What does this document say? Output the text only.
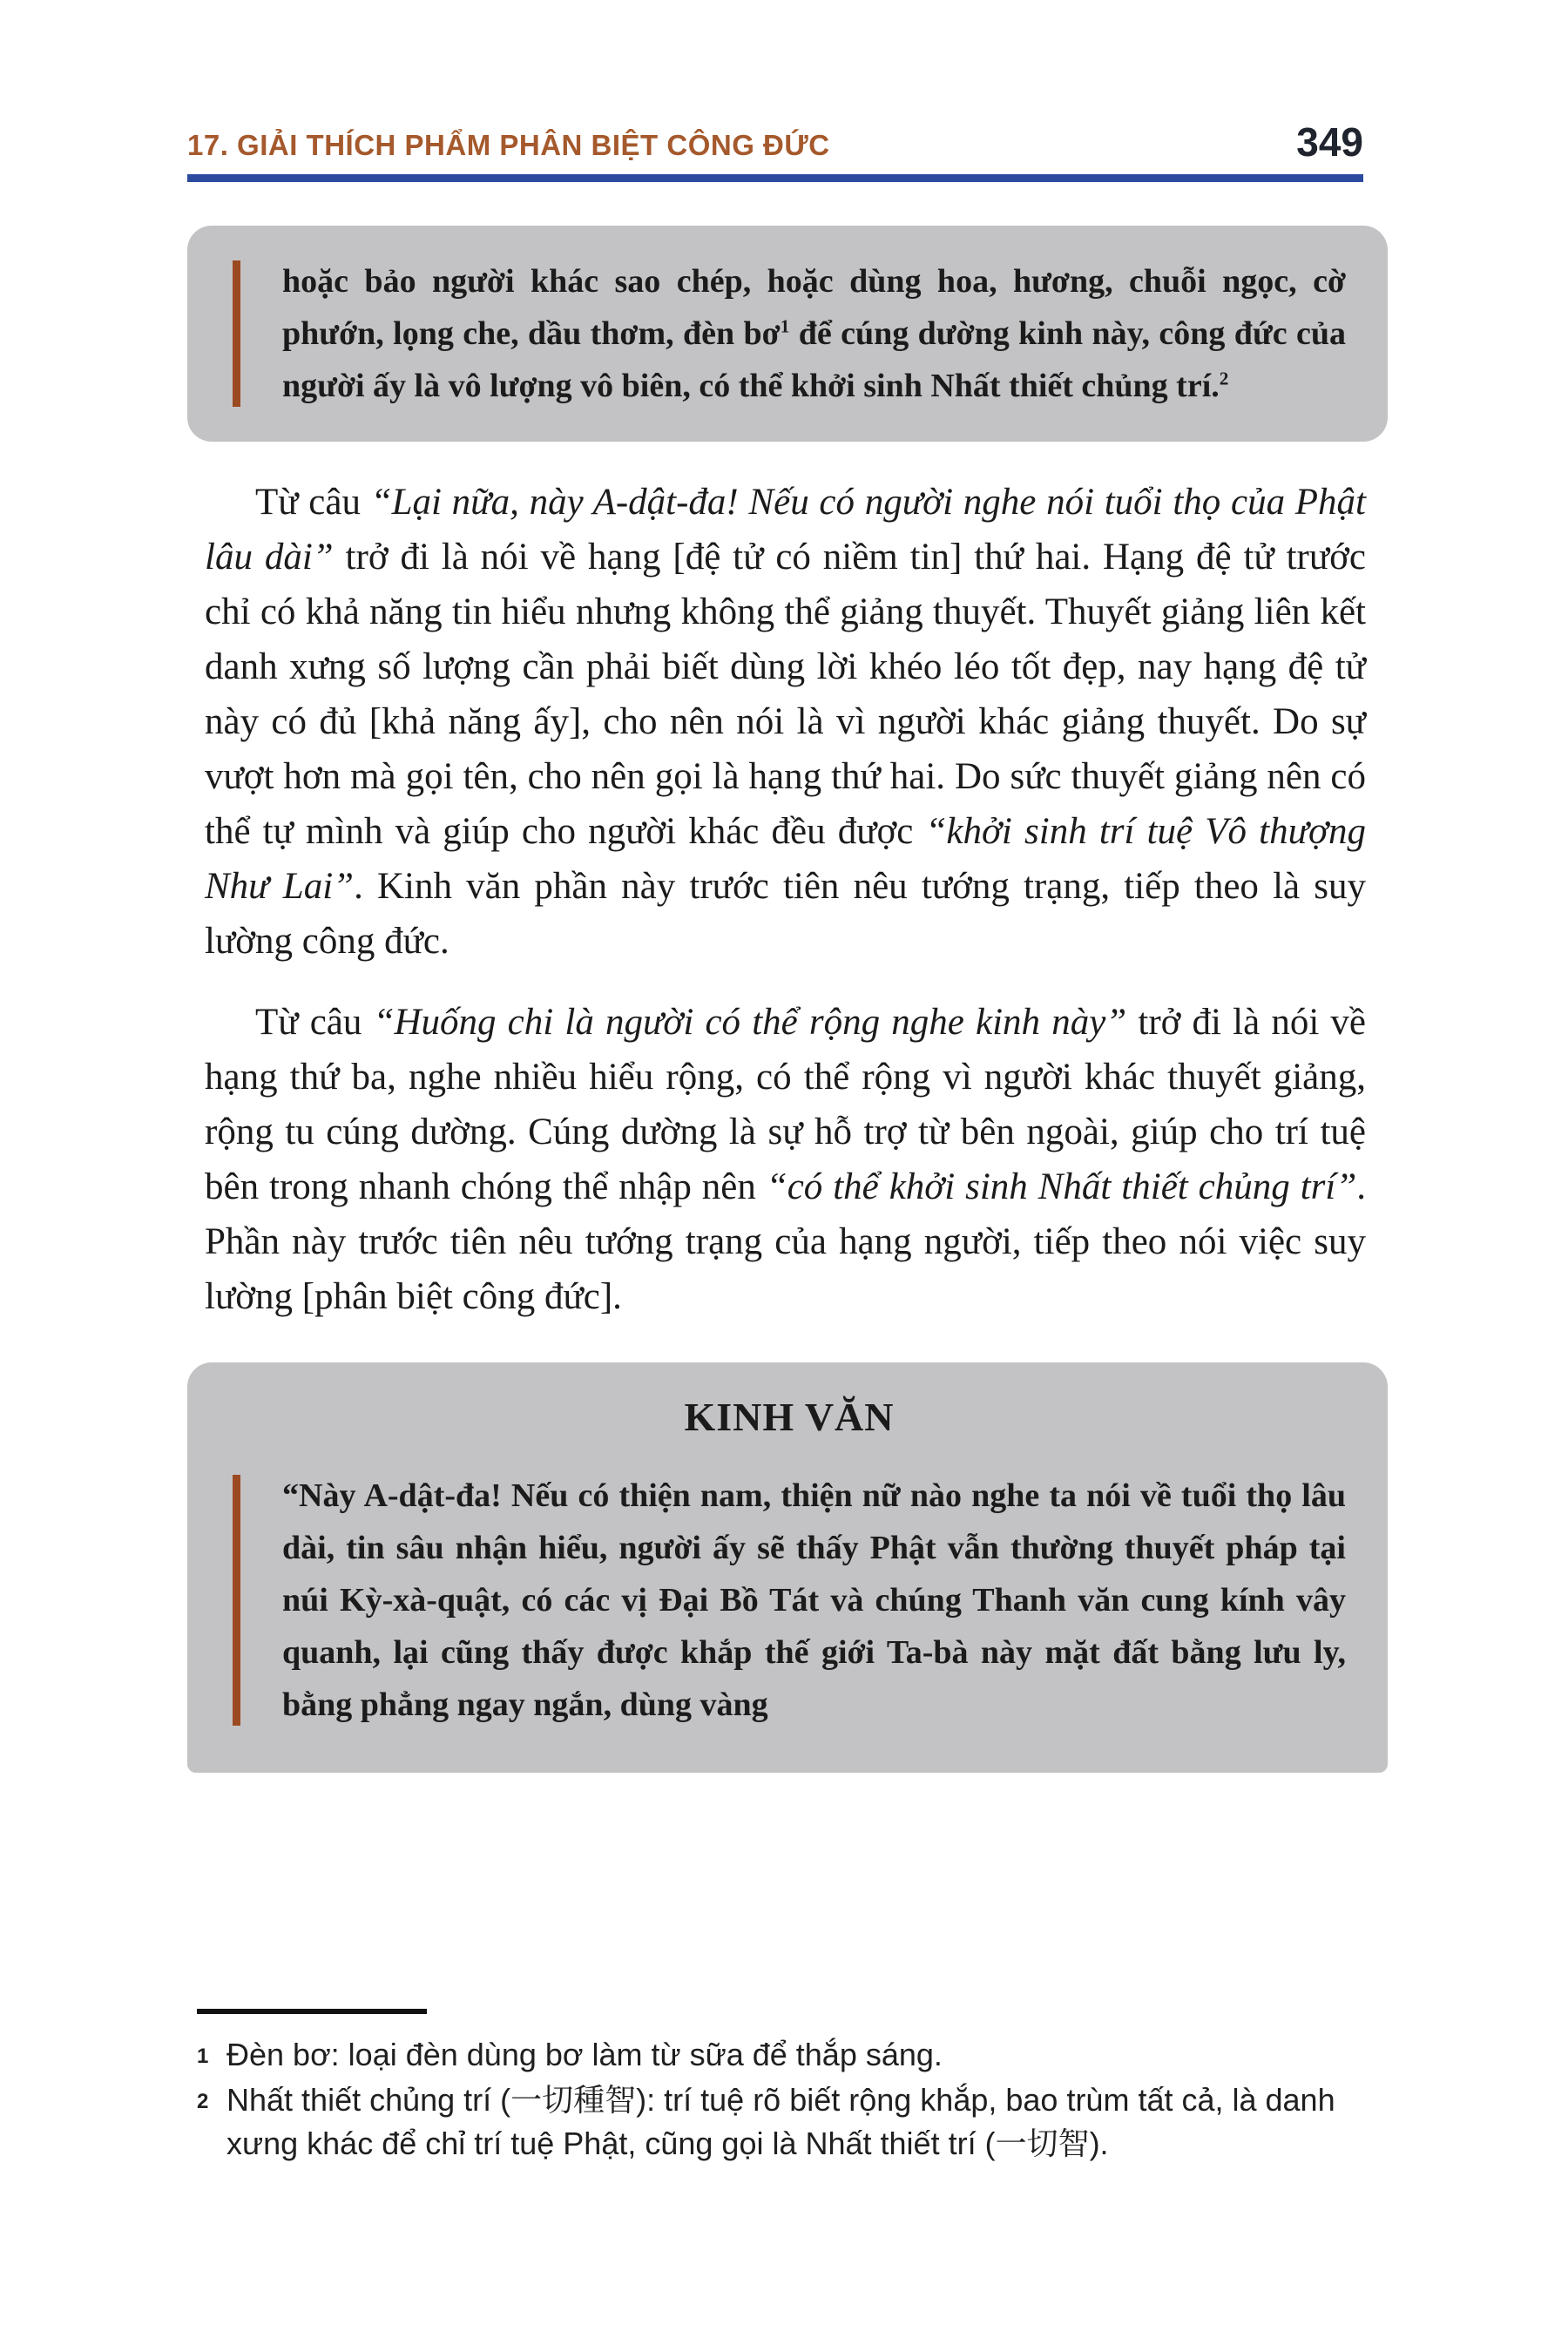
17. GIẢI THÍCH PHẨM PHÂN BIỆT CÔNG ĐỨC	349
hoặc bảo người khác sao chép, hoặc dùng hoa, hương, chuỗi ngọc, cờ phướn, lọng che, dầu thơm, đèn $bơ^1$ để cúng dường kinh này, công đức của người ấy là vô lượng vô biên, có thể khởi sinh Nhất thiết chủng trí.$^2$

Từ câu “Lại nữa, này A-dật-đa! Nếu có người nghe nói tuổi thọ của Phật lâu dài” trở đi là nói về hạng [đệ tử có niềm tin] thứ hai. Hạng đệ tử trước chỉ có khả năng tin hiểu nhưng không thể giảng thuyết. Thuyết giảng liên kết danh xưng số lượng cần phải biết dùng lời khéo léo tốt đẹp, nay hạng đệ tử này có đủ [khả năng ấy], cho nên nói là vì người khác giảng thuyết. Do sự vượt hơn mà gọi tên, cho nên gọi là hạng thứ hai. Do sức thuyết giảng nên có thể tự mình và giúp cho người khác đều được “khởi sinh trí tuệ Vô thượng Như Lai”. Kinh văn phần này trước tiên nêu tướng trạng, tiếp theo là suy lường công đức.

Từ câu “Huống chi là người có thể rộng nghe kinh này” trở đi là nói về hạng thứ ba, nghe nhiều hiểu rộng, có thể rộng vì người khác thuyết giảng, rộng tu cúng dường. Cúng dường là sự hỗ trợ từ bên ngoài, giúp cho trí tuệ bên trong nhanh chóng thể nhập nên “có thể khởi sinh Nhất thiết chủng trí”. Phần này trước tiên nêu tướng trạng của hạng người, tiếp theo nói việc suy lường [phân biệt công đức].

KINH VĂN
“Này A-dật-đa! Nếu có thiện nam, thiện nữ nào nghe ta nói về tuổi thọ lâu dài, tin sâu nhận hiểu, người ấy sẽ thấy Phật vẫn thường thuyết pháp tại núi Kỳ-xà-quật, có các vị Đại Bồ Tát và chúng Thanh văn cung kính vây quanh, lại cũng thấy được khắp thế giới Ta-bà này mặt đất bằng lưu ly, bằng phẳng ngay ngắn, dùng vàng
1 Đèn bơ: loại đèn dùng bơ làm từ sữa để thắp sáng.
2 Nhất thiết chủng trí (一切種智): trí tuệ rõ biết rộng khắp, bao trùm tất cả, là danh xưng khác để chỉ trí tuệ Phật, cũng gọi là Nhất thiết trí (一切智).
